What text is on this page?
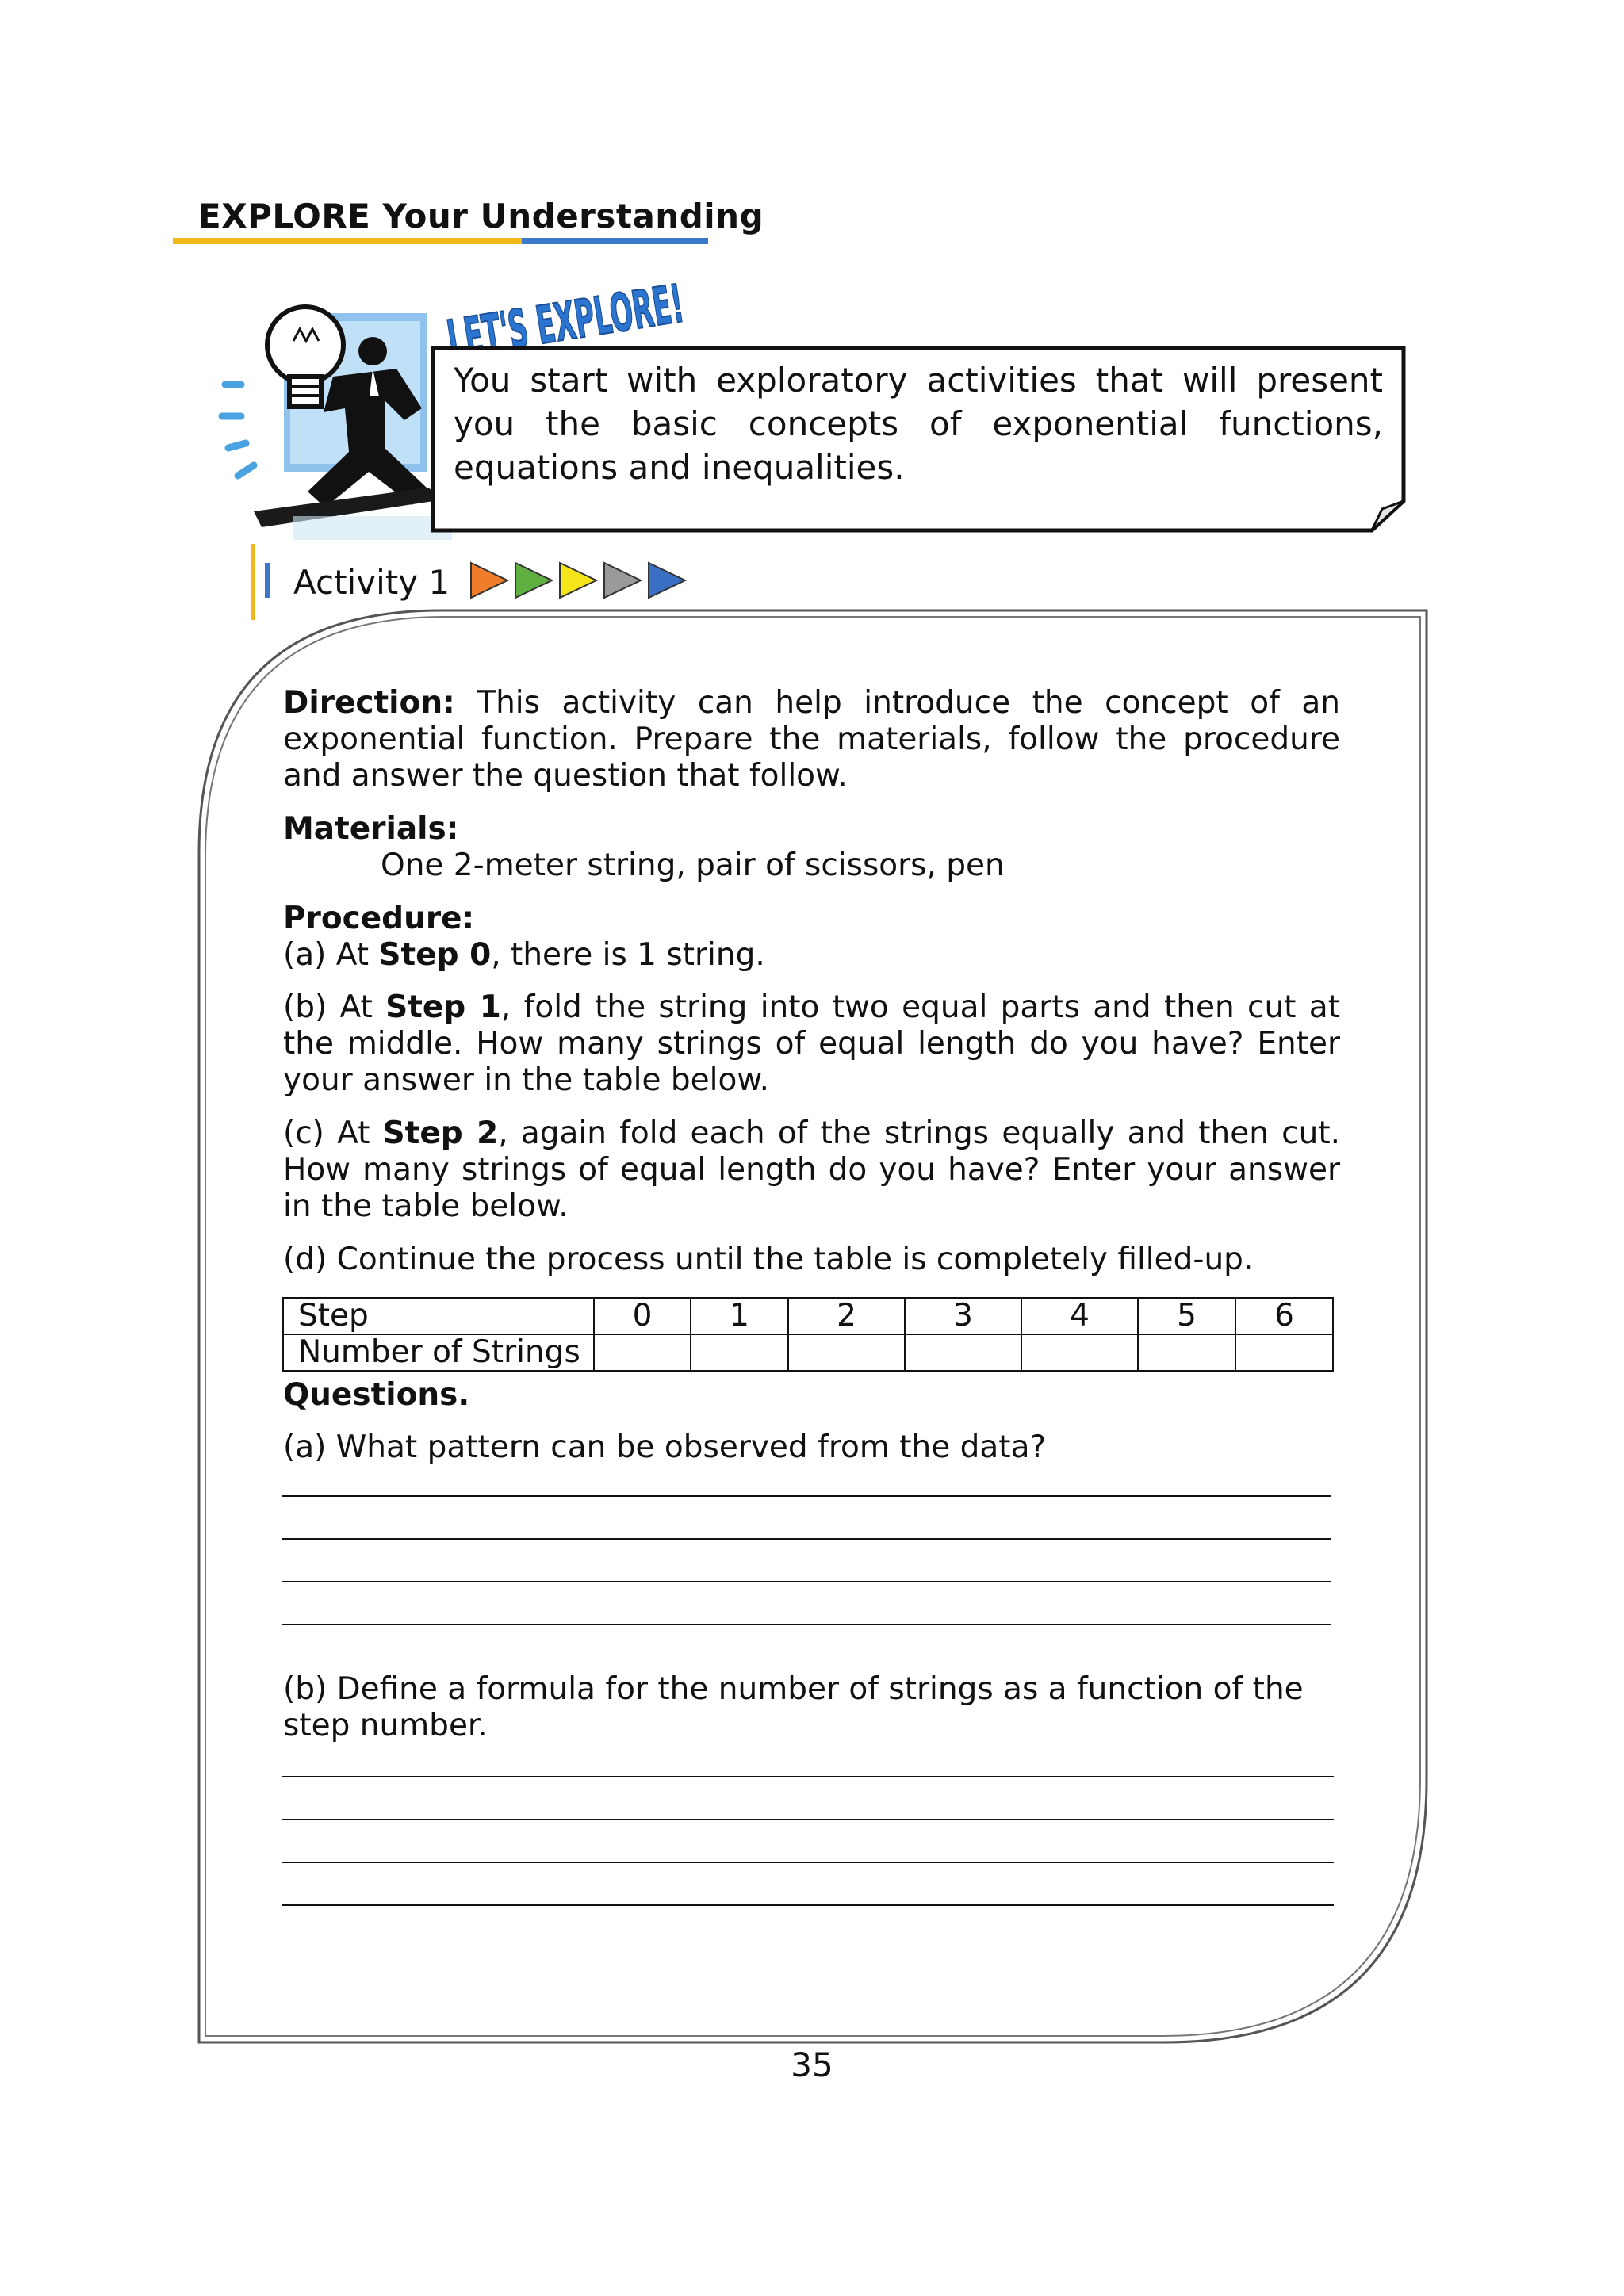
EXPLORE Your Understanding
LET'S EXPLORE!
You start with exploratory activities that will present you the basic concepts of exponential functions, equations and inequalities.
Activity 1
Direction: This activity can help introduce the concept of an exponential function. Prepare the materials, follow the procedure and answer the question that follow.
Materials:
One 2-meter string, pair of scissors, pen
Procedure:
(a) At Step 0, there is 1 string.
(b) At Step 1, fold the string into two equal parts and then cut at the middle. How many strings of equal length do you have? Enter your answer in the table below.
(c) At Step 2, again fold each of the strings equally and then cut. How many strings of equal length do you have? Enter your answer in the table below.
(d) Continue the process until the table is completely filled-up.
Step	0	1	2	3	4	5	6
Number of Strings							
Questions.
(a) What pattern can be observed from the data?
(b) Define a formula for the number of strings as a function of the step number.
35
